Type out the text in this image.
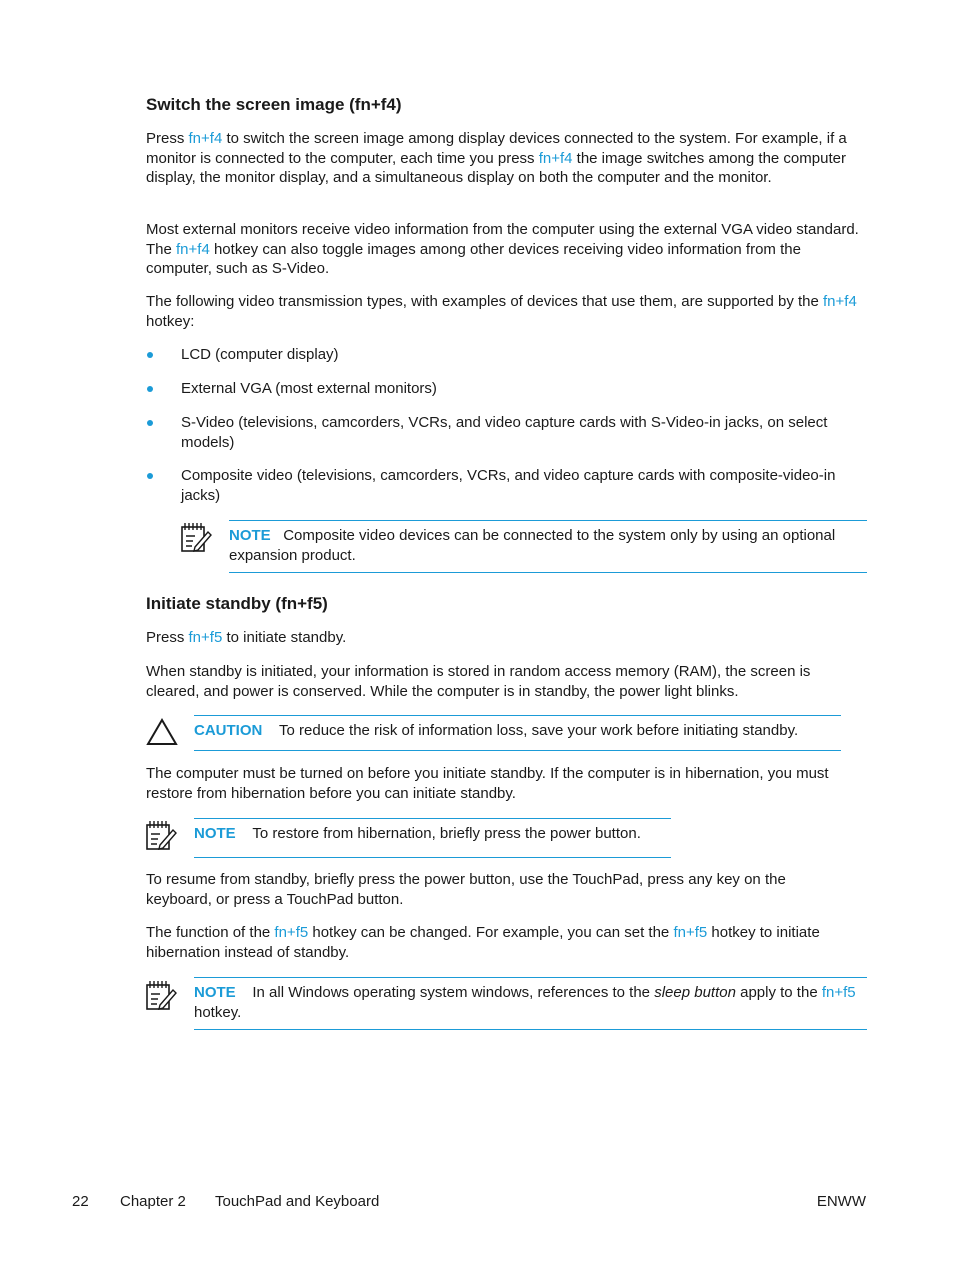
Switch the screen image (fn+f4)

Press fn+f4 to switch the screen image among display devices connected to the system. For example, if a monitor is connected to the computer, each time you press fn+f4 the image switches among the computer display, the monitor display, and a simultaneous display on both the computer and the monitor.

Most external monitors receive video information from the computer using the external VGA video standard. The fn+f4 hotkey can also toggle images among other devices receiving video information from the computer, such as S-Video.

The following video transmission types, with examples of devices that use them, are supported by the fn+f4 hotkey:

LCD (computer display)

External VGA (most external monitors)

S-Video (televisions, camcorders, VCRs, and video capture cards with S-Video-in jacks, on select models)

Composite video (televisions, camcorders, VCRs, and video capture cards with composite-video-in jacks)

NOTE Composite video devices can be connected to the system only by using an optional expansion product.

Initiate standby (fn+f5)

Press fn+f5 to initiate standby.

When standby is initiated, your information is stored in random access memory (RAM), the screen is cleared, and power is conserved. While the computer is in standby, the power light blinks.

CAUTION To reduce the risk of information loss, save your work before initiating standby.

The computer must be turned on before you initiate standby. If the computer is in hibernation, you must restore from hibernation before you can initiate standby.

NOTE To restore from hibernation, briefly press the power button.

To resume from standby, briefly press the power button, use the TouchPad, press any key on the keyboard, or press a TouchPad button.

The function of the fn+f5 hotkey can be changed. For example, you can set the fn+f5 hotkey to initiate hibernation instead of standby.

NOTE In all Windows operating system windows, references to the sleep button apply to the fn+f5 hotkey.

22 Chapter 2 TouchPad and Keyboard	ENWW
